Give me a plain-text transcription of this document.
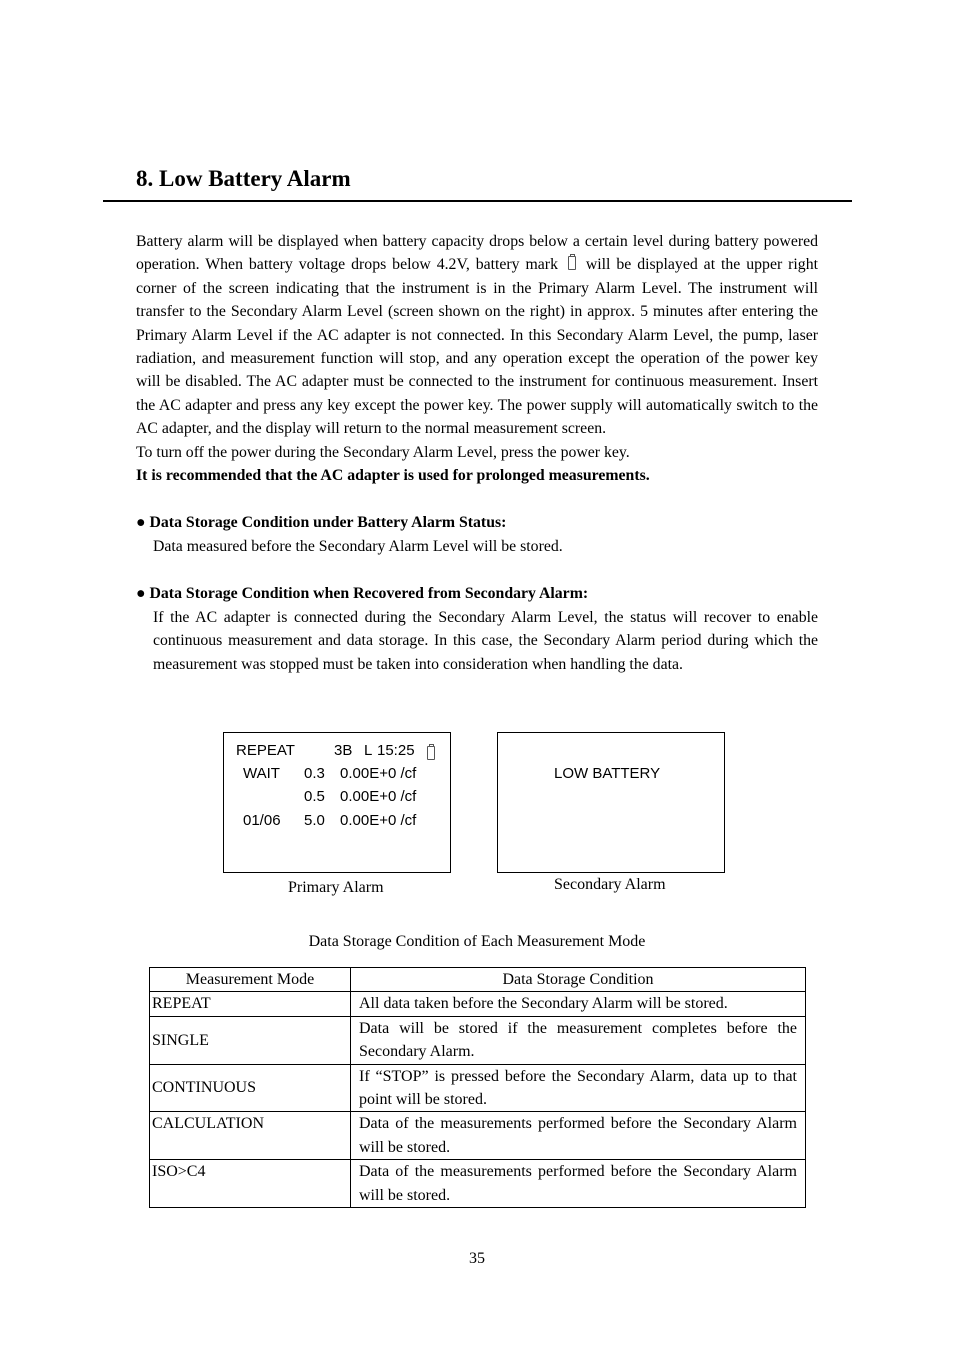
8. Low Battery Alarm

Battery alarm will be displayed when battery capacity drops below a certain level during battery powered operation. When battery voltage drops below 4.2V, battery mark will be displayed at the upper right corner of the screen indicating that the instrument is in the Primary Alarm Level. The instrument will transfer to the Secondary Alarm Level (screen shown on the right) in approx. 5 minutes after entering the Primary Alarm Level if the AC adapter is not connected. In this Secondary Alarm Level, the pump, laser radiation, and measurement function will stop, and any operation except the operation of the power key will be disabled. The AC adapter must be connected to the instrument for continuous measurement. Insert the AC adapter and press any key except the power key. The power supply will automatically switch to the AC adapter, and the display will return to the normal measurement screen.

To turn off the power during the Secondary Alarm Level, press the power key.

It is recommended that the AC adapter is used for prolonged measurements.

● Data Storage Condition under Battery Alarm Status:

Data measured before the Secondary Alarm Level will be stored.

● Data Storage Condition when Recovered from Secondary Alarm:

If the AC adapter is connected during the Secondary Alarm Level, the status will recover to enable continuous measurement and data storage. In this case, the Secondary Alarm period during which the measurement was stopped must be taken into consideration when handling the data.

REPEAT	3B L 15:25
WAIT 0.3 0.00E+0 /cf
0.5 0.00E+0 /cf
01/06 5.0 0.00E+0 /cf
Primary Alarm
LOW BATTERY
Secondary Alarm
Data Storage Condition of Each Measurement Mode
Measurement Mode	Data Storage Condition
REPEAT	All data taken before the Secondary Alarm will be stored.
SINGLE	Data will be stored if the measurement completes before the Secondary Alarm.
CONTINUOUS	If “STOP” is pressed before the Secondary Alarm, data up to that point will be stored.
CALCULATION	Data of the measurements performed before the Secondary Alarm will be stored.
ISO>C4	Data of the measurements performed before the Secondary Alarm will be stored.
35
